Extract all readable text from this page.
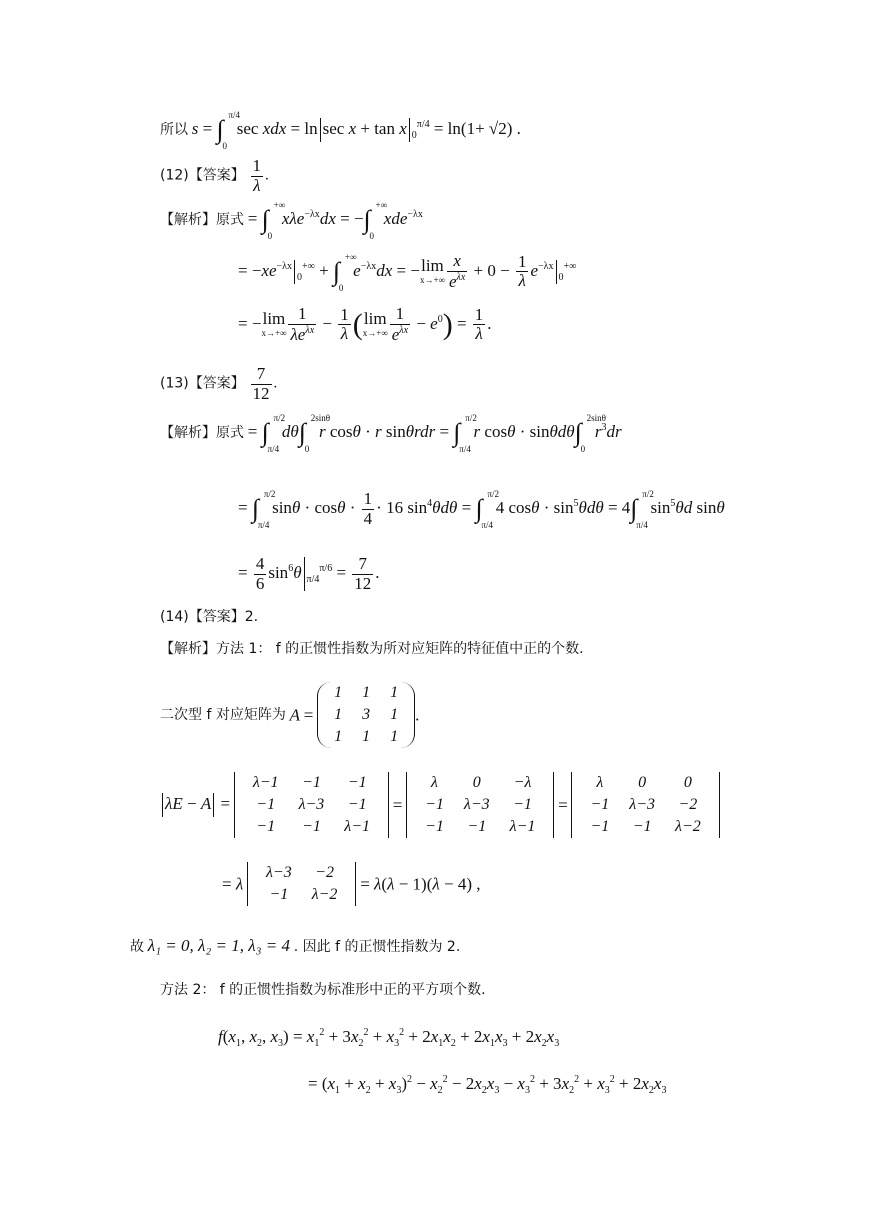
所以 s = ∫ π/4
0
sec xdx = ln sec x + tan x $_0^{\pi/4}$ = ln(1+ √2) .
(12)【答案】 $\frac{1}{\lambda}$ .
【解析】原式 = ∫ +∞
0
xλe$^{-\lambda x}$dx = −∫ +∞
0
xde$^{-\lambda x}$
= $-xe^{-\lambda x}_0^{+\infty}$ + ∫ +∞
0
$e^{-\lambda x}dx$ = − lim
$x\to+\infty \frac{x}{e^{\lambda x}} + 0 - \frac{1}{\lambda} e^{-\lambda x}_0^{+\infty}$
= − lim
$x\to+\infty \frac{1}{\lambda e^{\lambda x}} - \frac{1}{\lambda}$ ( lim
$x\to+\infty \frac{1}{e^{\lambda x}} - e^0) = \frac{1}{\lambda}$ .
(13)【答案】 $\frac{7}{12}$ .
【解析】原式 = ∫ π/2
π/4
dθ∫ 2sinθ
0
r cosθ · r sinθrdr = ∫ π/2
π/4
r cosθ · sinθdθ∫ 2sinθ
0
$r^3dr$
= ∫ π/2
π/4
$\sin\theta \cdot \cos\theta \cdot \frac{1}{4} \cdot 16$ $\sin^4\theta d\theta$ = ∫ π/2
π/4
4 $\cos\theta \cdot \sin^5\theta d\theta = 4\int$ π/2
π/4
$\sin^5\theta d$ sinθ
= $\frac{4}{6} \sin^6\theta$ $_{\pi/4}^{\pi/6} = \frac{7}{12}$ .
(14)【答案】2.
【解析】方法 1： f 的正惯性指数为所对应矩阵的特征值中正的个数.
二次型 f 对应矩阵为 A =
1	1	1
1	3	1
1	1	1
.
λE − A =
λ−1	−1	−1
−1	λ−3	−1
−1	−1	λ−1
=
λ	0	−λ
−1	λ−3	−1
−1	−1	λ−1
=
λ	0	0
−1	λ−3	−2
−1	−1	λ−2
= λ
λ−3	−2
−1	λ−2
= λ(λ − 1)(λ − 4) ,
故 λ₁ = 0, λ₂ = 1, λ₃ = 4 . 因此 f 的正惯性指数为 2.
方法 2： f 的正惯性指数为标准形中正的平方项个数.
$f(x_1$, $x_2$, $x_3) = x_1^2 + 3x_2^2 + x_3^2 + 2x_1x_2 + 2x_1x_3 + 2x_2x_3$
= $(x_1 + x_2 + x_3)^2 - x_2^2 - 2x_2x_3 - x_3^2 + 3x_2^2 + x_3^2 + 2x_2x_3$
